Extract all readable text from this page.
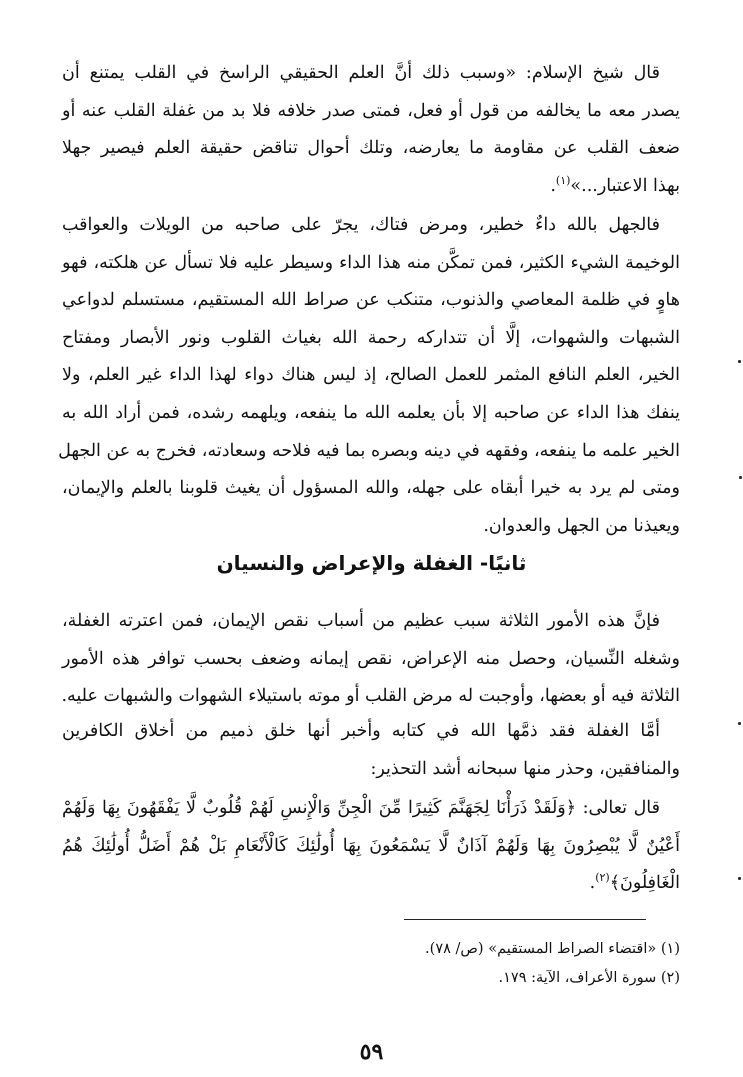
قال شيخ الإسلام: «وسبب ذلك أنَّ العلم الحقيقي الراسخ في القلب يمتنع أن
يصدر معه ما يخالفه من قول أو فعل، فمتى صدر خلافه فلا بد من غفلة القلب عنه أو
ضعف القلب عن مقاومة ما يعارضه، وتلك أحوال تناقض حقيقة العلم فيصير جهلا
بهذا الاعتبار...»$^{(١)}$.
فالجهل بالله داءٌ خطير، ومرض فتاك، يجرّ على صاحبه من الويلات والعواقب
الوخيمة الشيء الكثير، فمن تمكَّن منه هذا الداء وسيطر عليه فلا تسأل عن هلكته، فهو
هاوٍ في ظلمة المعاصي والذنوب، متنكب عن صراط الله المستقيم، مستسلم لدواعي
الشبهات والشهوات، إلَّا أن تتداركه رحمة الله بغياث القلوب ونور الأبصار ومفتاح
الخير، العلم النافع المثمر للعمل الصالح، إذ ليس هناك دواء لهذا الداء غير العلم، ولا
ينفك هذا الداء عن صاحبه إلا بأن يعلمه الله ما ينفعه، ويلهمه رشده، فمن أراد الله به
الخير علمه ما ينفعه، وفقهه في دينه وبصره بما فيه فلاحه وسعادته، فخرج به عن الجهل
ومتى لم يرد به خيرا أبقاه على جهله، والله المسؤول أن يغيث قلوبنا بالعلم والإيمان،
ويعيذنا من الجهل والعدوان.
ثانيًا- الغفلة والإعراض والنسيان
فإنَّ هذه الأمور الثلاثة سبب عظيم من أسباب نقص الإيمان، فمن اعترته الغفلة،
وشغله النِّسيان، وحصل منه الإعراض، نقص إيمانه وضعف بحسب توافر هذه الأمور
الثلاثة فيه أو بعضها، وأوجبت له مرض القلب أو موته باستيلاء الشهوات والشبهات عليه.
أمَّا الغفلة فقد ذمَّها الله في كتابه وأخبر أنها خلق ذميم من أخلاق الكافرين
والمنافقين، وحذر منها سبحانه أشد التحذير:
قال تعالى: ﴿وَلَقَدْ ذَرَأْنَا لِجَهَنَّمَ كَثِيرًا مِّنَ الْجِنِّ وَالْإِنسِ لَهُمْ قُلُوبٌ لَّا يَفْقَهُونَ بِهَا وَلَهُمْ
أَعْيُنٌ لَّا يُبْصِرُونَ بِهَا وَلَهُمْ آذَانٌ لَّا يَسْمَعُونَ بِهَا أُولَٰئِكَ كَالْأَنْعَامِ بَلْ هُمْ أَضَلُّ أُولَٰئِكَ هُمُ
الْغَافِلُونَ﴾$^{(٢)}$.
(١) «اقتضاء الصراط المستقيم» (ص/ ٧٨).
(٢) سورة الأعراف، الآية: ١٧٩.
٥٩
